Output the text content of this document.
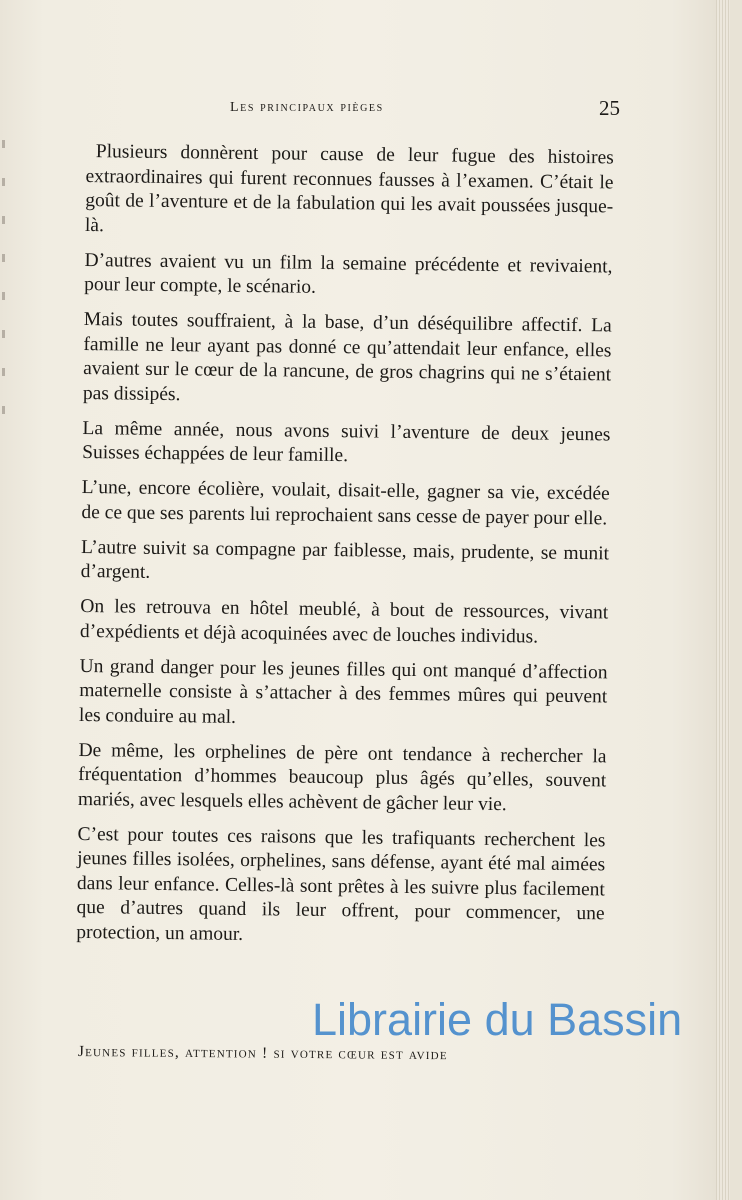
Les principaux pièges	25

Plusieurs donnèrent pour cause de leur fugue des histoires extraordinaires qui furent reconnues fausses à l’examen. C’était le goût de l’aventure et de la fabulation qui les avait poussées jusque-là.

D’autres avaient vu un film la semaine précédente et revivaient, pour leur compte, le scénario.

Mais toutes souffraient, à la base, d’un déséquilibre affectif. La famille ne leur ayant pas donné ce qu’attendait leur enfance, elles avaient sur le cœur de la rancune, de gros chagrins qui ne s’étaient pas dissipés.

La même année, nous avons suivi l’aventure de deux jeunes Suisses échappées de leur famille.

L’une, encore écolière, voulait, disait-elle, gagner sa vie, excédée de ce que ses parents lui reprochaient sans cesse de payer pour elle.

L’autre suivit sa compagne par faiblesse, mais, prudente, se munit d’argent.

On les retrouva en hôtel meublé, à bout de ressources, vivant d’expédients et déjà acoquinées avec de louches individus.

Un grand danger pour les jeunes filles qui ont manqué d’affection maternelle consiste à s’attacher à des femmes mûres qui peuvent les conduire au mal.

De même, les orphelines de père ont tendance à rechercher la fréquentation d’hommes beaucoup plus âgés qu’elles, souvent mariés, avec lesquels elles achèvent de gâcher leur vie.

C’est pour toutes ces raisons que les trafiquants recherchent les jeunes filles isolées, orphelines, sans défense, ayant été mal aimées dans leur enfance. Celles-là sont prêtes à les suivre plus facilement que d’autres quand ils leur offrent, pour commencer, une protection, un amour.

Jeunes filles, attention ! si votre cœur est avide
Librairie du Bassin
